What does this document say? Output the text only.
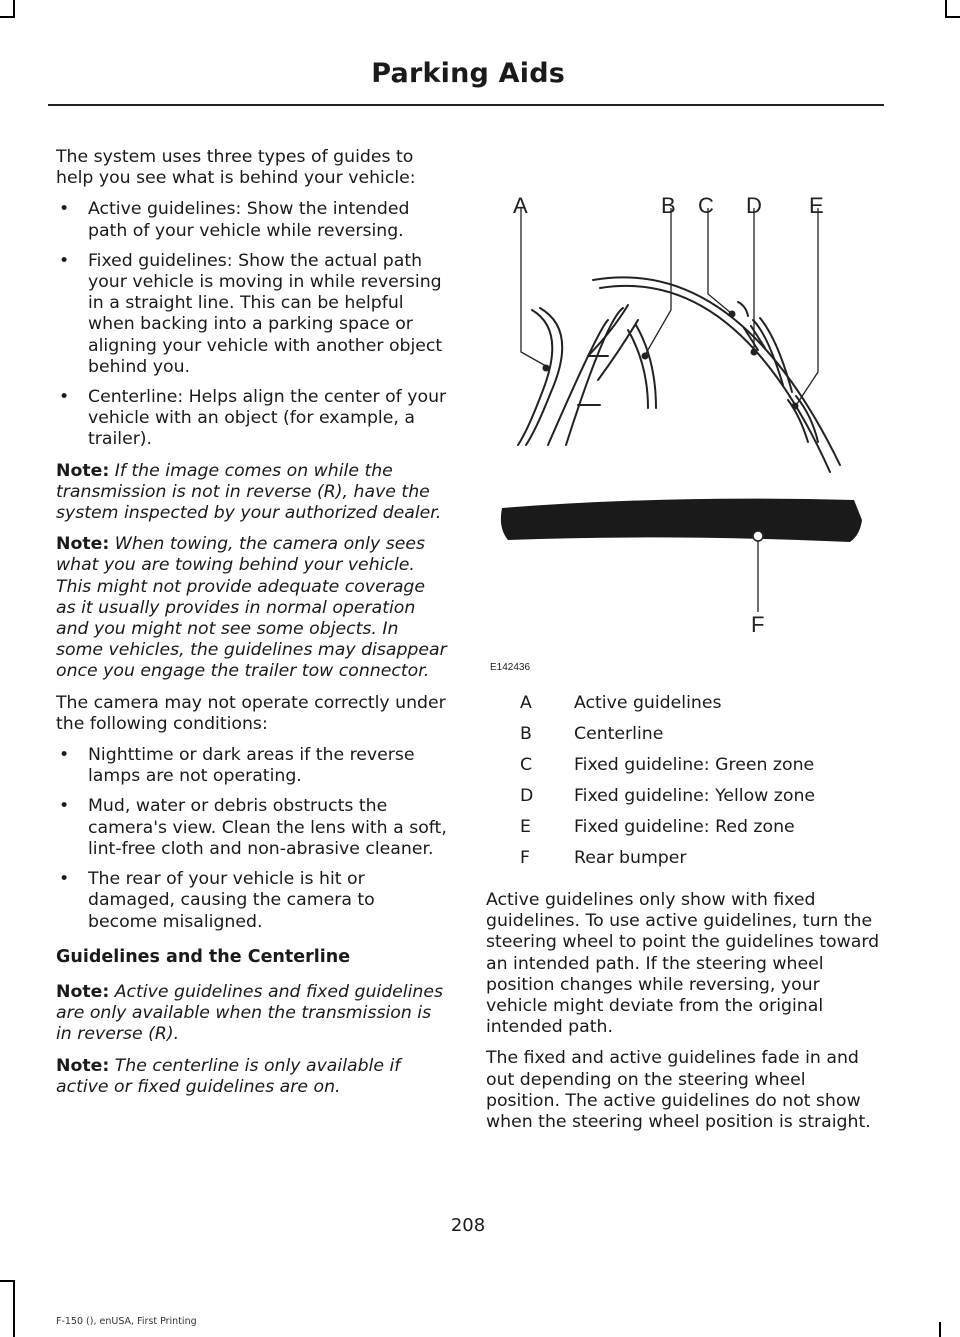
Parking Aids

The system uses three types of guides to help you see what is behind your vehicle:

• Active guidelines: Show the intended path of your vehicle while reversing.
• Fixed guidelines: Show the actual path your vehicle is moving in while reversing in a straight line. This can be helpful when backing into a parking space or aligning your vehicle with another object behind you.
• Centerline: Helps align the center of your vehicle with an object (for example, a trailer).

Note: If the image comes on while the transmission is not in reverse (R), have the system inspected by your authorized dealer.

Note: When towing, the camera only sees what you are towing behind your vehicle. This might not provide adequate coverage as it usually provides in normal operation and you might not see some objects. In some vehicles, the guidelines may disappear once you engage the trailer tow connector.

The camera may not operate correctly under the following conditions:

• Nighttime or dark areas if the reverse lamps are not operating.
• Mud, water or debris obstructs the camera's view. Clean the lens with a soft, lint-free cloth and non-abrasive cleaner.
• The rear of your vehicle is hit or damaged, causing the camera to become misaligned.

Guidelines and the Centerline

Note: Active guidelines and fixed guidelines are only available when the transmission is in reverse (R).

Note: The centerline is only available if active or fixed guidelines are on.

A	B C D E
F
E142436
A	Active guidelines
B	Centerline
C	Fixed guideline: Green zone
D	Fixed guideline: Yellow zone
E	Fixed guideline: Red zone
F	Rear bumper

Active guidelines only show with fixed guidelines. To use active guidelines, turn the steering wheel to point the guidelines toward an intended path. If the steering wheel position changes while reversing, your vehicle might deviate from the original intended path.

The fixed and active guidelines fade in and out depending on the steering wheel position. The active guidelines do not show when the steering wheel position is straight.

208
F-150 (), enUSA, First Printing
